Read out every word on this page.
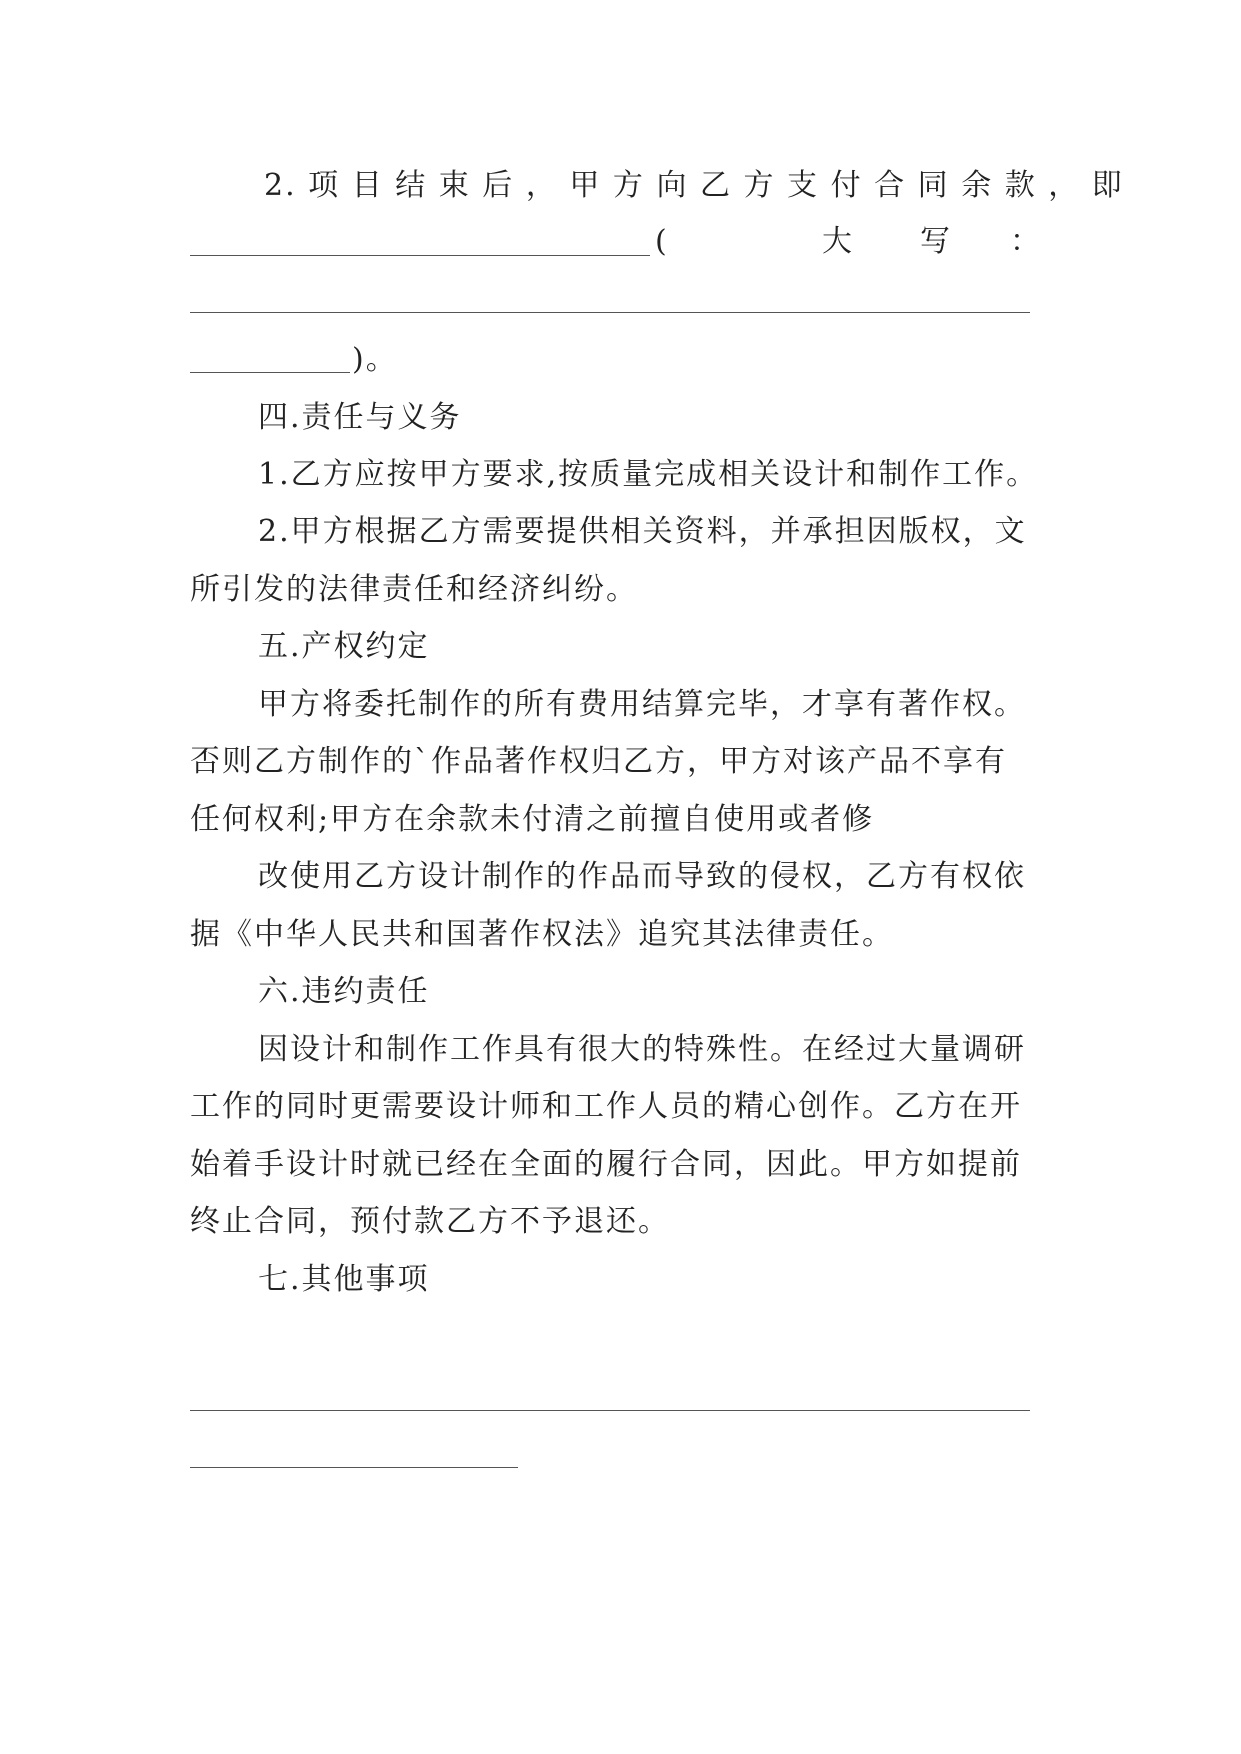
2. 项 目 结 束 后 ， 甲 方 向 乙 方 支 付 合 同 余 款 ， 即
(	大	写	：
)。
四.责任与义务
1.乙方应按甲方要求,按质量完成相关设计和制作工作。
2.甲方根据乙方需要提供相关资料，并承担因版权，文
所引发的法律责任和经济纠纷。
五.产权约定
甲方将委托制作的所有费用结算完毕，才享有著作权。
否则乙方制作的`作品著作权归乙方，甲方对该产品不享有
任何权利;甲方在余款未付清之前擅自使用或者修
改使用乙方设计制作的作品而导致的侵权，乙方有权依
据《中华人民共和国著作权法》追究其法律责任。
六.违约责任
因设计和制作工作具有很大的特殊性。在经过大量调研
工作的同时更需要设计师和工作人员的精心创作。乙方在开
始着手设计时就已经在全面的履行合同，因此。甲方如提前
终止合同，预付款乙方不予退还。
七.其他事项
